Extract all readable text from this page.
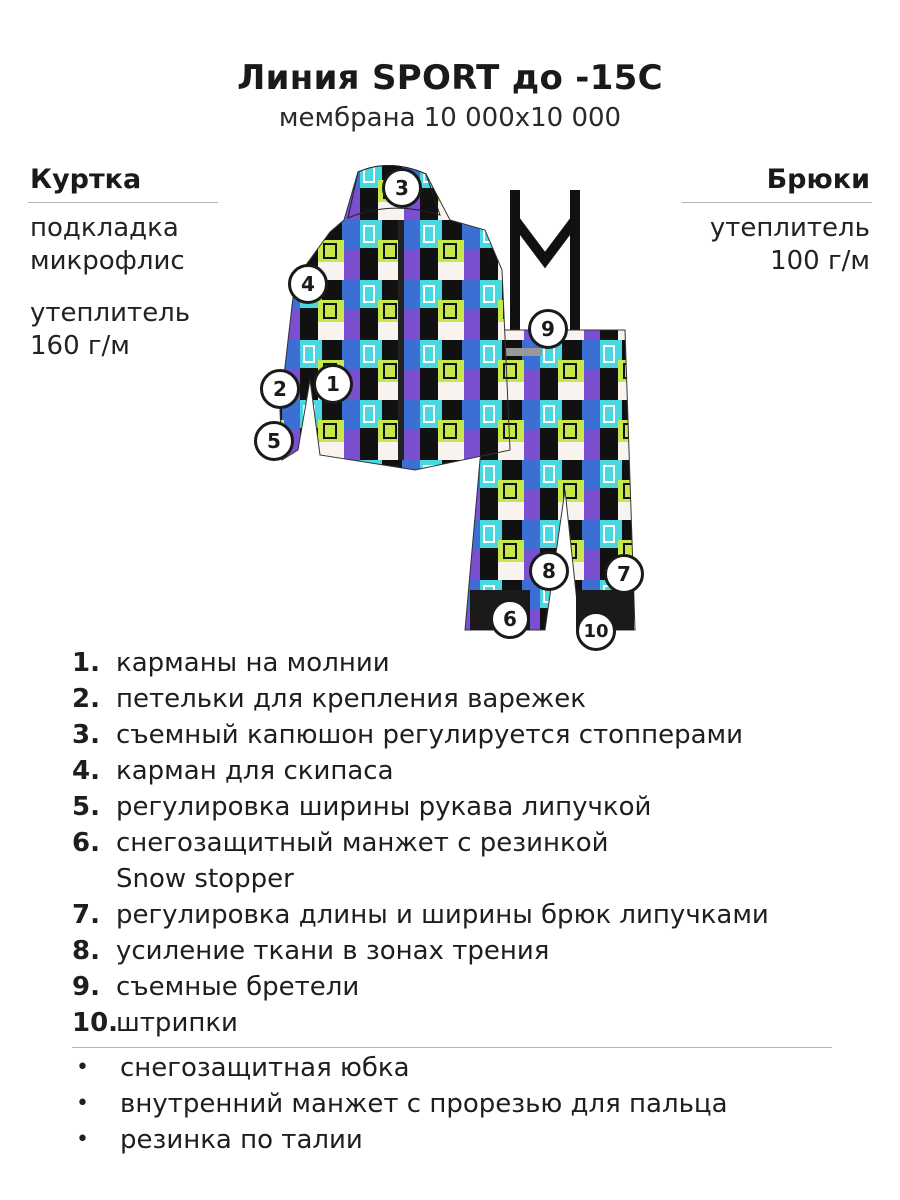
Линия SPORT до -15С
мембрана 10 000х10 000
Куртка
подкладка
микрофлис
утеплитель
160 г/м
Брюки
утеплитель
100 г/м
1
2
3
4
5
6
7
8
9
10
1. карманы на молнии
2. петельки для крепления варежек
3. съемный капюшон регулируется стопперами
4. карман для скипаса
5. регулировка ширины рукава липучкой
6. снегозащитный манжет с резинкой
Snow stopper
7. регулировка длины и ширины брюк липучками
8. усиление ткани в зонах трения
9. съемные бретели
10.
штрипки
•	снегозащитная юбка
•	внутренний манжет с прорезью для пальца
•	резинка по талии
